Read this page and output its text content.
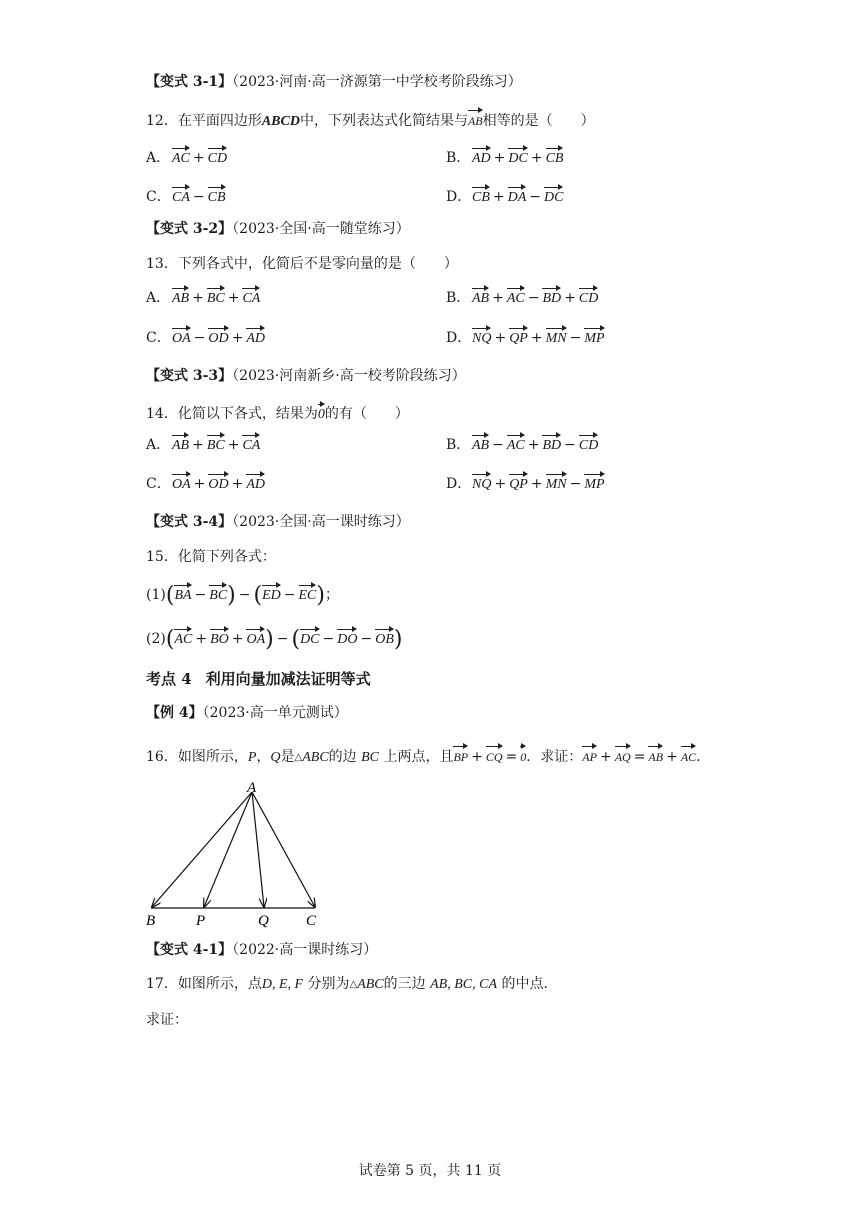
【变式 3-1】（2023·河南·高一济源第一中学校考阶段练习）
12．在平面四边形ABCD中，下列表达式化简结果与AB相等的是（　　）
A． AC + CD	B． AD + DC + CB
C．CA − CB	D．CB + DA − DC
【变式 3-2】（2023·全国·高一随堂练习）
13．下列各式中，化简后不是零向量的是（　　）
A． AB + BC + CA	B． AB + AC − BD + CD
C．OA − OD + AD	D．NQ + QP + MN − MP
【变式 3-3】（2023·河南新乡·高一校考阶段练习）
14．化简以下各式，结果为0的有（　　）
A． AB + BC + CA	B． AB − AC + BD − CD
C．OA + OD + AD	D．NQ + QP + MN − MP
【变式 3-4】（2023·全国·高一课时练习）
15．化简下列各式：
(1)(BA − BC) − (ED − EC)；
(2)(AC + BO + OA) − (DC − DO − OB)
考点 4 利用向量加减法证明等式
【例 4】（2023·高一单元测试）
16．如图所示，P，Q是△ABC的边 BC 上两点，且BP + CQ = 0．求证：AP + AQ = AB + AC.
A
B	P	Q C
【变式 4-1】（2022·高一课时练习）
17．如图所示，点D, E, F 分别为△ABC的三边 AB, BC, CA 的中点.
求证：
试卷第 5 页，共 11 页
